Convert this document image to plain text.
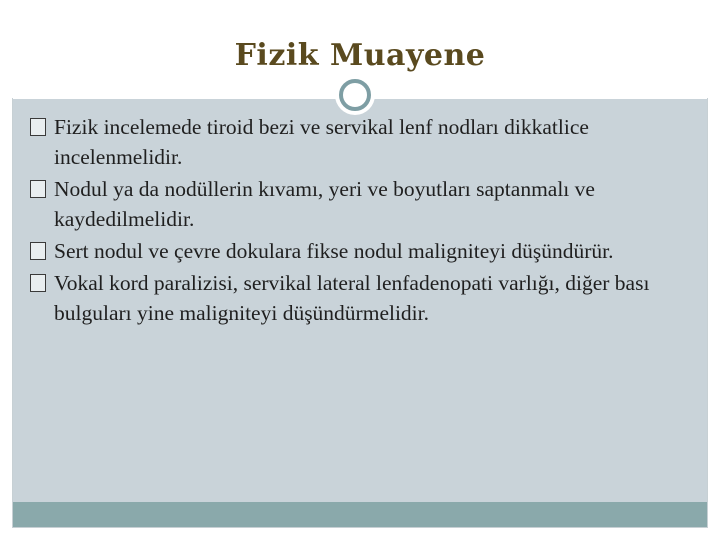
Fizik Muayene
Fizik incelemede tiroid bezi ve servikal lenf nodları dikkatlice incelenmelidir.
Nodul ya da nodüllerin kıvamı, yeri ve boyutları saptanmalı ve kaydedilmelidir.
Sert nodul ve çevre dokulara fikse nodul maligniteyi düşündürür.
Vokal kord paralizisi, servikal lateral lenfadenopati varlığı, diğer bası bulguları yine maligniteyi düşündürmelidir.
